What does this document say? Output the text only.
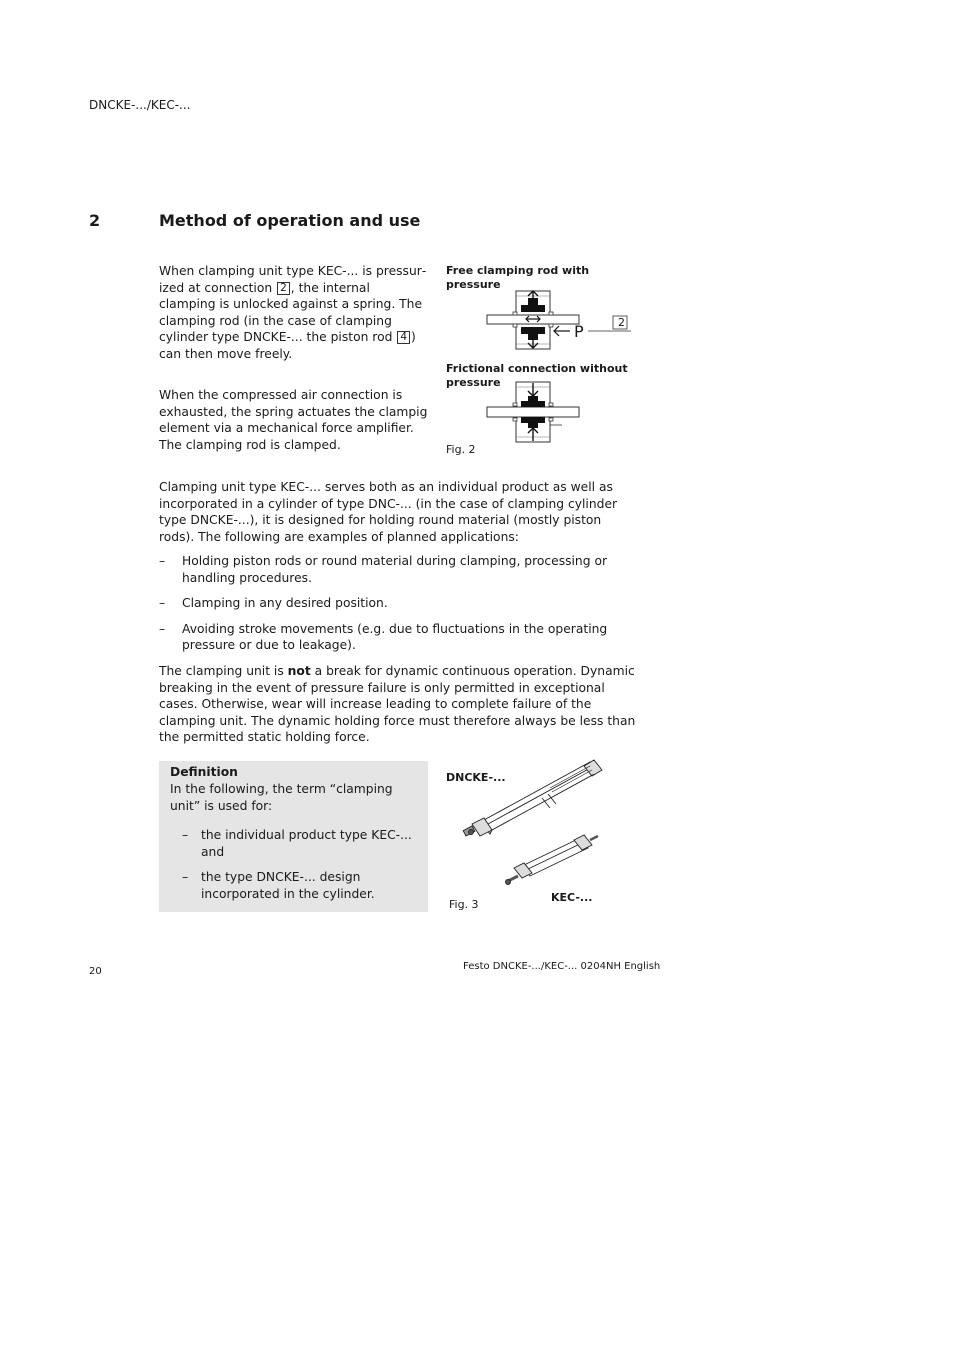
DNCKE-.../KEC-...
2	Method of operation and use
When clamping unit type KEC-... is pressurized at connection 2 , the internal clamping is unlocked against a spring. The clamping rod (in the case of clamping cylinder type DNCKE-... the piston rod 4 ) can then move freely.
When the compressed air connection is exhausted, the spring actuates the clampig element via a mechanical force amplifier. The clamping rod is clamped.
Free clamping rod with pressure
P	2
Frictional connection without pressure
Fig. 2
Clamping unit type KEC-... serves both as an individual product as well as incorporated in a cylinder of type DNC-... (in the case of clamping cylinder type DNCKE-...), it is designed for holding round material (mostly piston rods). The following are examples of planned applications:
– Holding piston rods or round material during clamping, processing or handling procedures.
– Clamping in any desired position.
– Avoiding stroke movements (e.g. due to fluctuations in the operating pressure or due to leakage).
The clamping unit is not a break for dynamic continuous operation. Dynamic breaking in the event of pressure failure is only permitted in exceptional cases. Otherwise, wear will increase leading to complete failure of the clamping unit. The dynamic holding force must therefore always be less than the permitted static holding force.
Definition
In the following, the term “clamping unit” is used for:
– the individual product type KEC-... and
– the type DNCKE-... design incorporated in the cylinder.
DNCKE-...
KEC-...
Fig. 3
20	Festo DNCKE-.../KEC-... 0204NH English
